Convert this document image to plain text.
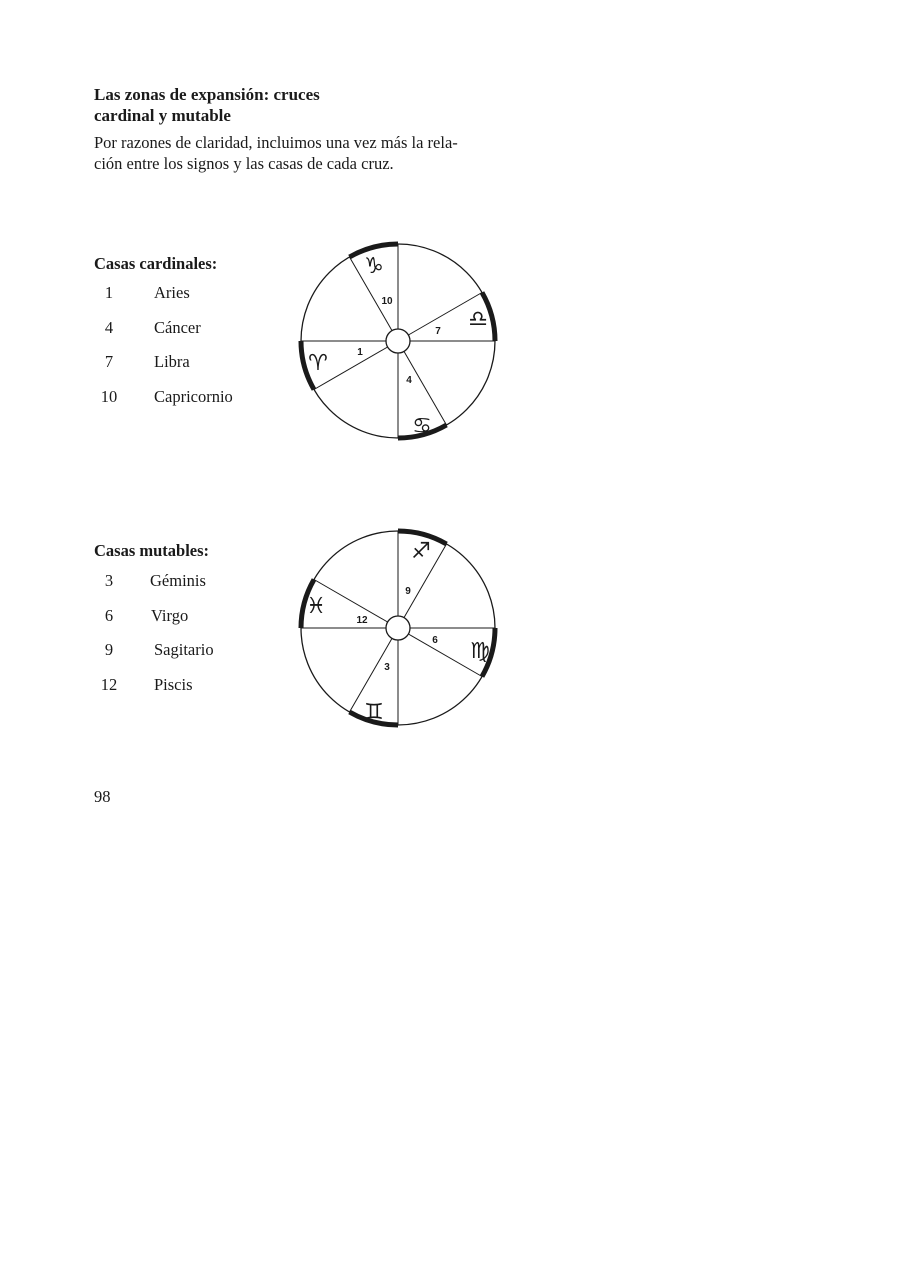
Las zonas de expansión: cruces
cardinal y mutable

Por razones de claridad, incluimos una vez más la rela-
ción entre los signos y las casas de cada cruz.

Casas cardinales:
1	Aries
4	Cáncer
7	Libra
10	Capricornio
10
7
1
4
♑
♎
♈
♋
Casas mutables:
3	Géminis
6	Virgo
9	Sagitario
12	Piscis
9
12
6
3
♐
♓
♍
♊

98
